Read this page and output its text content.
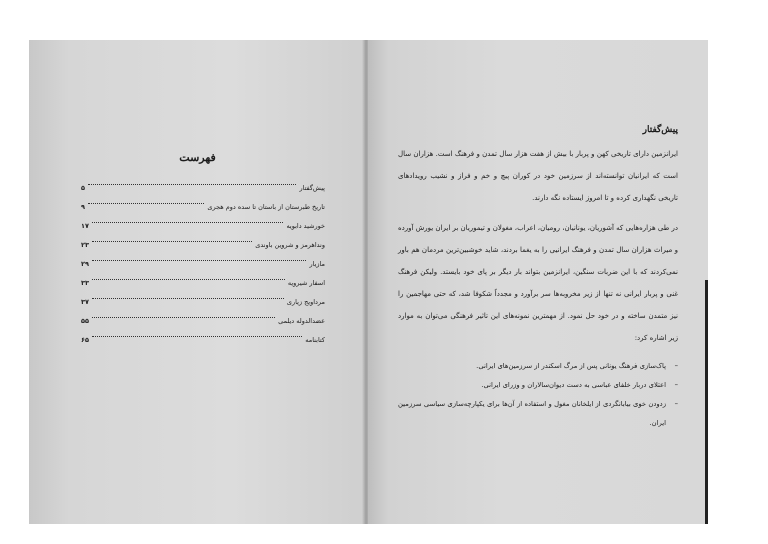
فهرست
پیش‌گفتار
۵
تاریخ طبرستان از باستان تا سده دوم هجری
۹
خورشید دابویه
۱۷
ونداهرمز و شروین باوندی
۲۳
مازیار
۲۹
اسفار شیرویه
۳۳
مرداویج زیاری
۳۷
عضدالدوله دیلمی
۵۵
کتابنامه
۶۵
پیش‌گفتار

ایرانزمین دارای تاریخی کهن و پربار با بیش از هفت هزار سال تمدن و فرهنگ است. هزاران سال است که ایرانیان توانسته‌اند از سرزمین خود در کوران پیچ و خم و فراز و نشیب رویدادهای تاریخی نگهداری کرده و تا امروز ایستاده نگه دارند.

در طی هزاره‌هایی که آشوریان، یونانیان، رومیان، اعراب، مغولان و تیموریان بر ایران یورش آورده و میراث هزاران سال تمدن و فرهنگ ایرانیی را به یغما بردند، شاید خوشبین‌ترین مردمان هم باور نمی‌کردند که با این ضربات سنگین، ایرانزمین بتواند بار دیگر بر پای خود بایستد. ولیکن فرهنگ غنی و پربار ایرانی نه تنها از زیر مخروبه‌ها سر برآورد و مجدداً شکوفا شد، که حتی مهاجمین را نیز متمدن ساخته و در خود حل نمود. از مهمترین نمونه‌های این تاثیر فرهنگی می‌توان به موارد زیر اشاره کرد:

– پاک‌سازی فرهنگ یونانی پس از مرگ اسکندر از سرزمین‌های ایرانی.
– اعتلای دربار خلفای عباسی به دست دیوان‌سالاران و وزرای ایرانی.
– زدودن خوی بیابانگردی از ایلخانان مغول و استفاده از آن‌ها برای یکپارچه‌سازی سیاسی سرزمین ایران.
